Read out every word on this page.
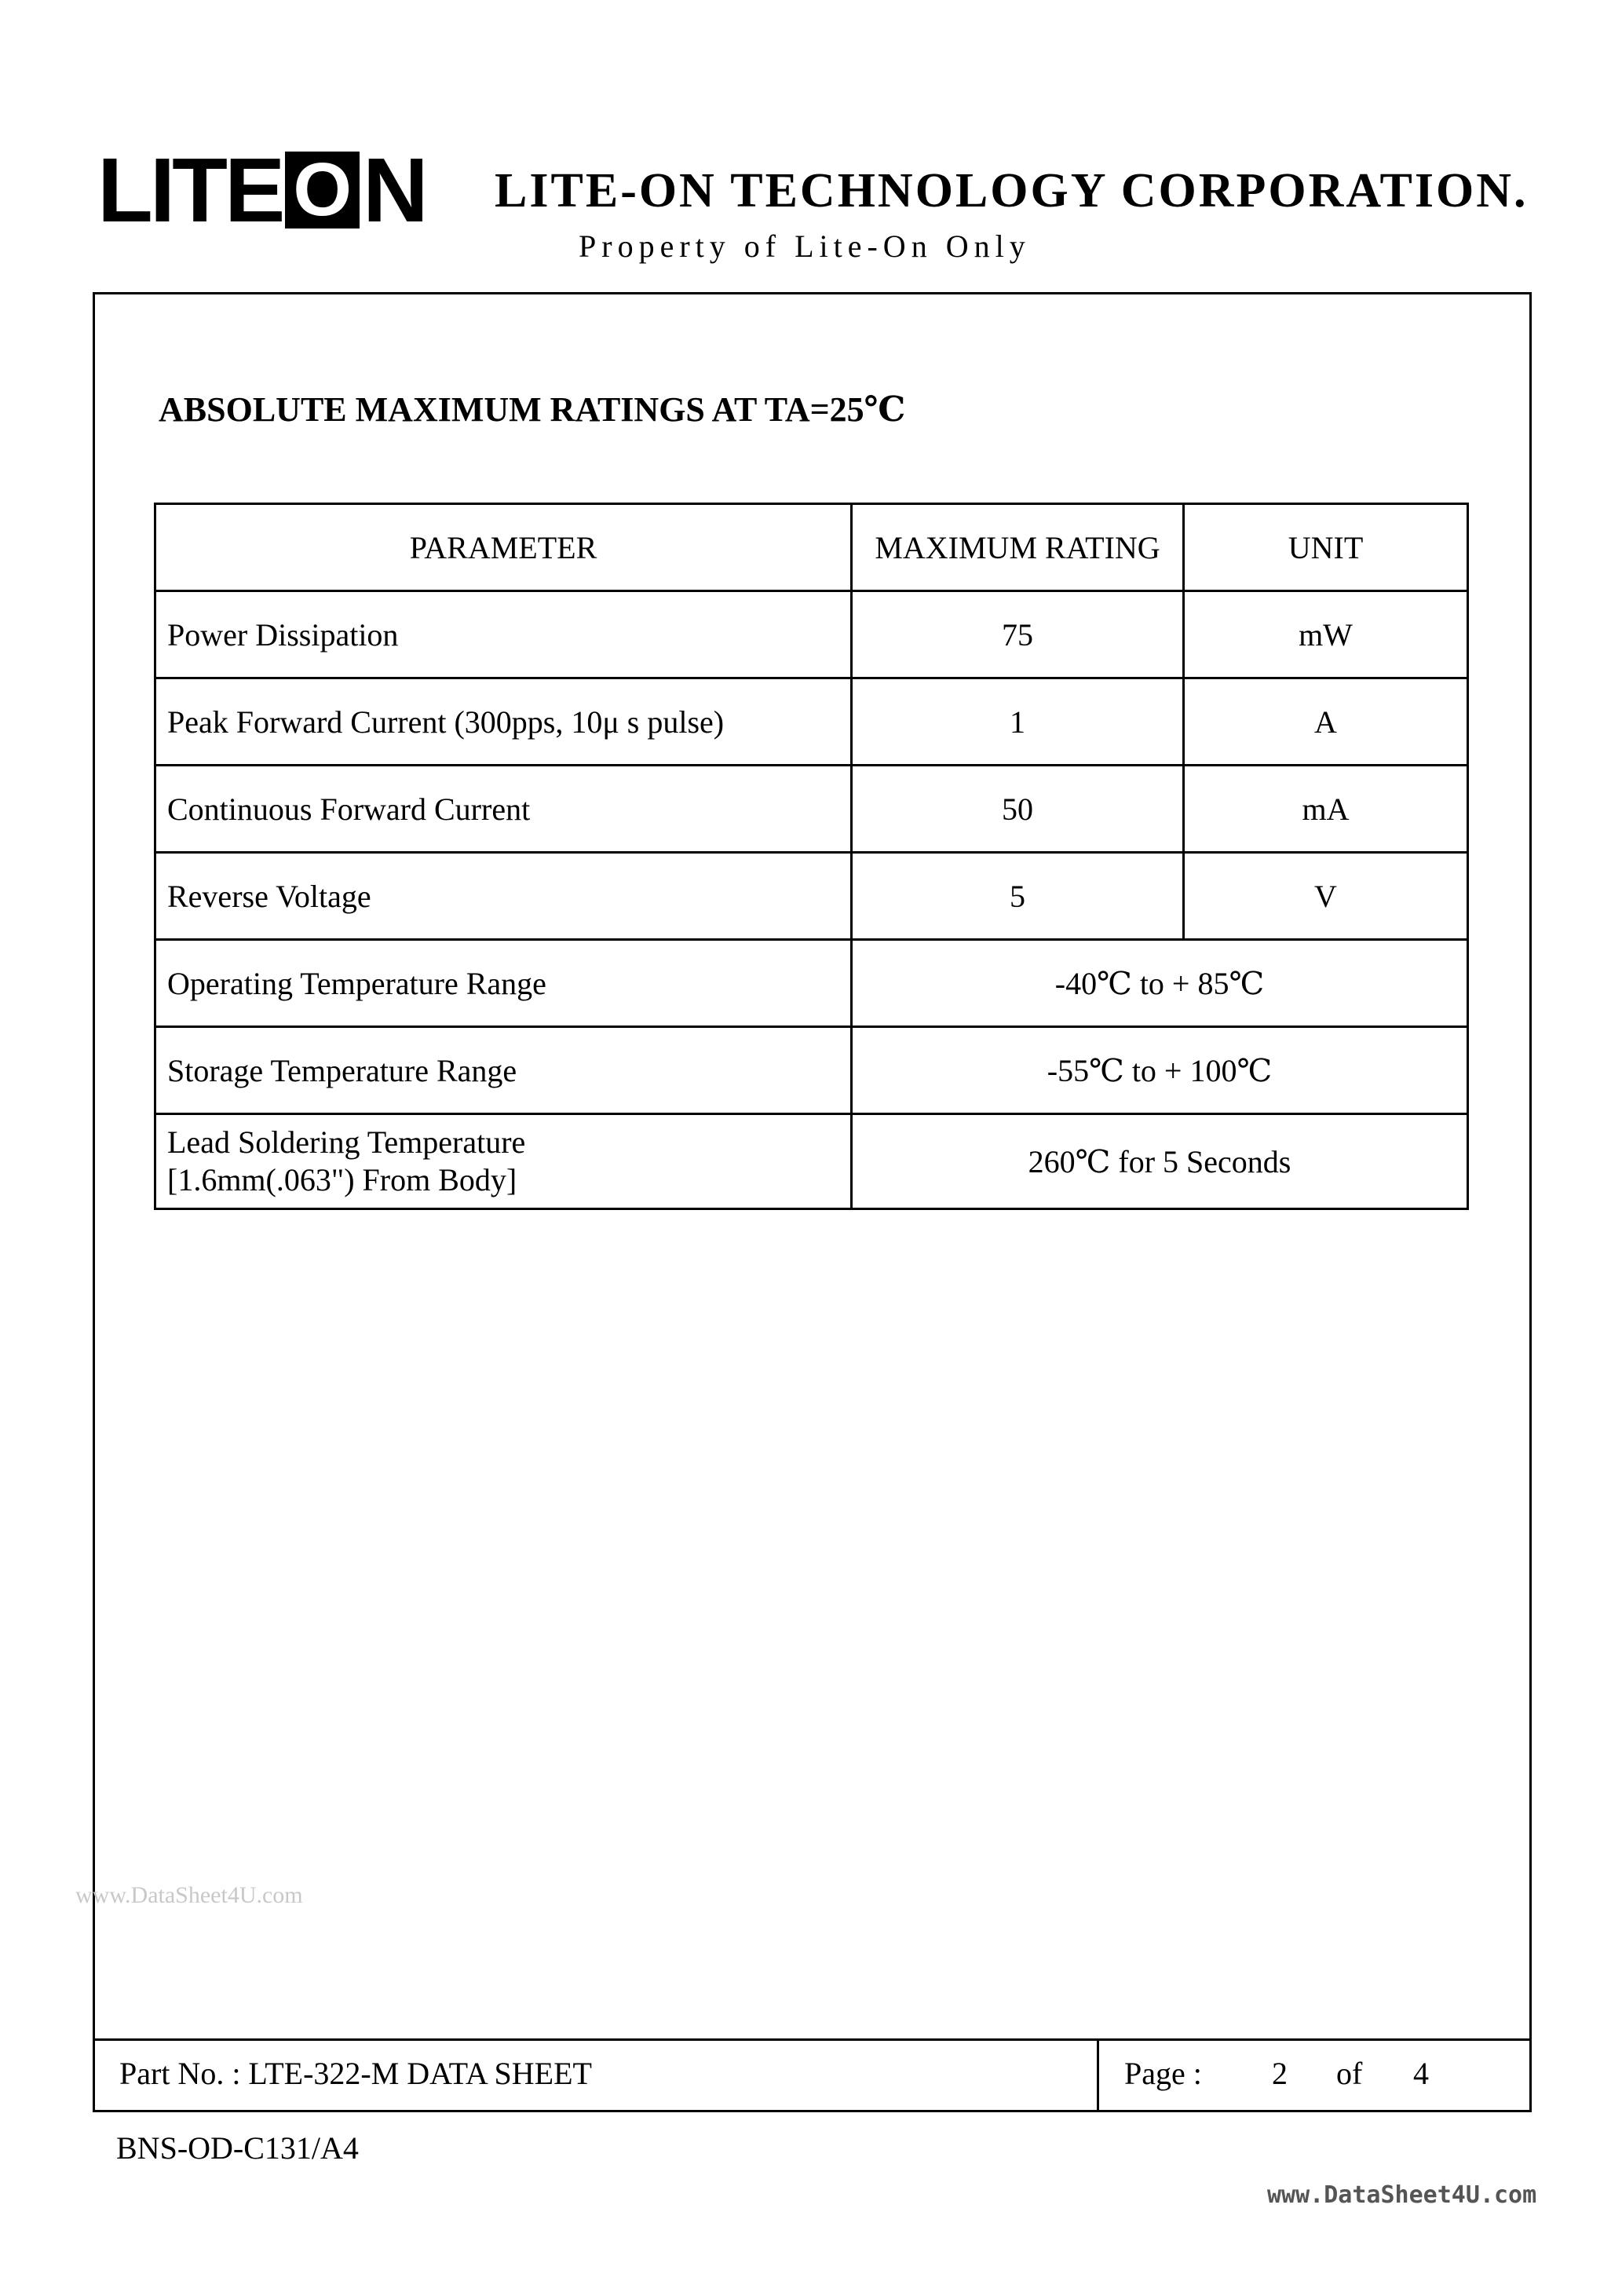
LITE O N LITE-ON TECHNOLOGY CORPORATION.
Property of Lite-On Only
ABSOLUTE MAXIMUM RATINGS AT TA=25℃
PARAMETER	MAXIMUM RATING	UNIT
Power Dissipation	75	mW
Peak Forward Current (300pps, 10μ s pulse)	1	A
Continuous Forward Current	50	mA
Reverse Voltage	5	V
Operating Temperature Range	-40℃ to + 85℃	
Storage Temperature Range	-55℃ to + 100℃	
Lead Soldering Temperature
[1.6mm(.063") From Body]	260℃ for 5 Seconds	
www.DataSheet4U.com
Part No. : LTE-322-M DATA SHEET	Page : 2 of 4
BNS-OD-C131/A4
www.DataSheet4U.com
